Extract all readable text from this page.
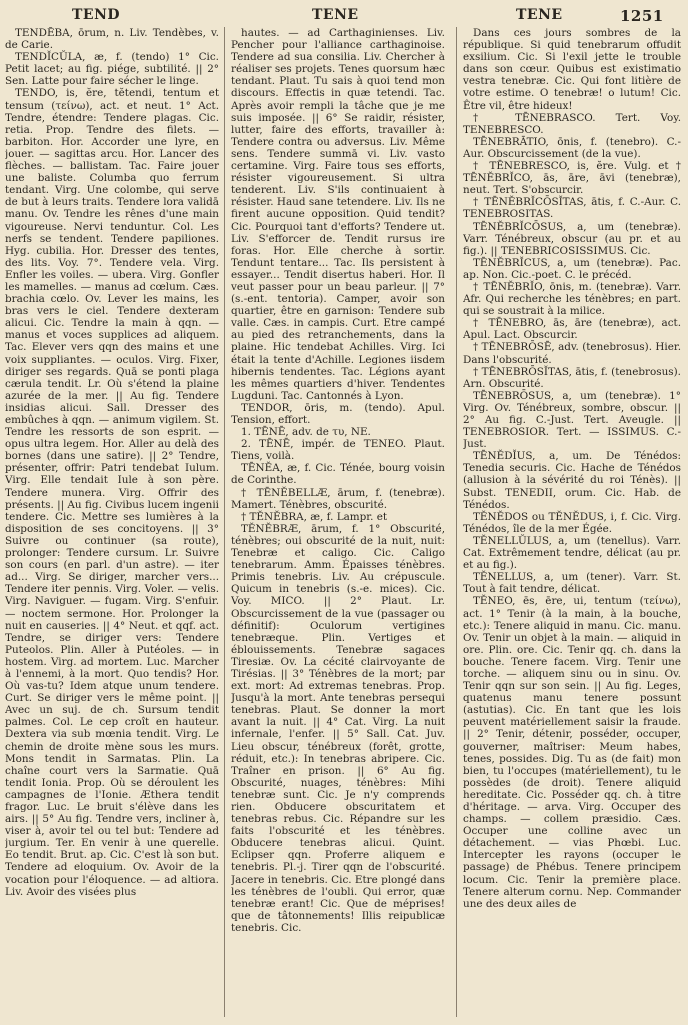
TEND	TENE	TENE	1251

TENDĒBA, ōrum, n. Liv. Tendèbes, v. de Carie.

TENDĬCŬLA, æ, f. (tendo) 1° Cic. Petit lacet; au fig. piége, subtilité. || 2° Sen. Latte pour faire sécher le linge.

TENDO, is, ĕre, tĕtendi, tentum et tensum (τείνω), act. et neut. 1° Act. Tendre, étendre: Tendere plagas. Cic. retia. Prop. Tendre des filets. — barbiton. Hor. Accorder une lyre, en jouer. — sagittas arcu. Hor. Lancer des flèches. — ballistam. Tac. Faire jouer une baliste. Columba quo ferrum tendant. Virg. Une colombe, qui serve de but à leurs traits. Tendere lora validā manu. Ov. Tendre les rênes d'une main vigoureuse. Nervi tenduntur. Col. Les nerfs se tendent. Tendere papiliones. Hyg. cubilia. Hor. Dresser des tentes, des lits. Voy. 7°. Tendere vela. Virg. Enfler les voiles. — ubera. Virg. Gonfler les mamelles. — manus ad cœlum. Cæs. brachia cœlo. Ov. Lever les mains, les bras vers le ciel. Tendere dexteram alicui. Cic. Tendre la main à qqn. — manus et voces supplices ad aliquem. Tac. Elever vers qqn des mains et une voix suppliantes. — oculos. Virg. Fixer, diriger ses regards. Quā se ponti plaga cærula tendit. Lr. Où s'étend la plaine azurée de la mer. || Au fig. Tendere insidias alicui. Sall. Dresser des embûches à qqn. — animum vigilem. St. Tendre les ressorts de son esprit. — opus ultra legem. Hor. Aller au delà des bornes (dans une satire). || 2° Tendre, présenter, offrir: Patri tendebat Iulum. Virg. Elle tendait Iule à son père. Tendere munera. Virg. Offrir des présents. || Au fig. Civibus lucem ingenii tendere. Cic. Mettre ses lumières à la disposition de ses concitoyens. || 3° Suivre ou continuer (sa route), prolonger: Tendere cursum. Lr. Suivre son cours (en parl. d'un astre). — iter ad... Virg. Se diriger, marcher vers... Tendere iter pennis. Virg. Voler. — velis. Virg. Naviguer. — fugam. Virg. S'enfuir. — noctem sermone. Hor. Prolonger la nuit en causeries. || 4° Neut. et qqf. act. Tendre, se diriger vers: Tendere Puteolos. Plin. Aller à Putéoles. — in hostem. Virg. ad mortem. Luc. Marcher à l'ennemi, à la mort. Quo tendis? Hor. Où vas-tu? Idem atque unum tendere. Curt. Se diriger vers le même point. || Avec un suj. de ch. Sursum tendit palmes. Col. Le cep croît en hauteur. Dextera via sub mœnia tendit. Virg. Le chemin de droite mène sous les murs. Mons tendit in Sarmatas. Plin. La chaîne court vers la Sarmatie. Quā tendit Ionia. Prop. Où se déroulent les campagnes de l'Ionie. Æthera tendit fragor. Luc. Le bruit s'élève dans les airs. || 5° Au fig. Tendre vers, incliner à, viser à, avoir tel ou tel but: Tendere ad jurgium. Ter. En venir à une querelle. Eo tendit. Brut. ap. Cic. C'est là son but. Tendere ad eloquium. Ov. Avoir de la vocation pour l'éloquence. — ad altiora. Liv. Avoir des visées plus

hautes. — ad Carthaginienses. Liv. Pencher pour l'alliance carthaginoise. Tendere ad sua consilia. Liv. Chercher à réaliser ses projets. Tenes quorsum hæc tendant. Plaut. Tu sais à quoi tend mon discours. Effectis in quæ tetendi. Tac. Après avoir rempli la tâche que je me suis imposée. || 6° Se raidir, résister, lutter, faire des efforts, travailler à: Tendere contra ou adversus. Liv. Même sens. Tendere summā vi. Liv. vasto certamine. Virg. Faire tous ses efforts, résister vigoureusement. Si ultra tenderent. Liv. S'ils continuaient à résister. Haud sane tetendere. Liv. Ils ne firent aucune opposition. Quid tendit? Cic. Pourquoi tant d'efforts? Tendere ut. Liv. S'efforcer de. Tendit rursus ire foras. Hor. Elle cherche à sortir. Tendunt tentare... Tac. Ils persistent à essayer... Tendit disertus haberi. Hor. Il veut passer pour un beau parleur. || 7° (s.-ent. tentoria). Camper, avoir son quartier, être en garnison: Tendere sub valle. Cæs. in campis. Curt. Etre campé au pied des retranchements, dans la plaine. Hic tendebat Achilles. Virg. Ici était la tente d'Achille. Legiones iisdem hibernis tendentes. Tac. Légions ayant les mêmes quartiers d'hiver. Tendentes Lugduni. Tac. Cantonnés à Lyon.

TENDOR, ōris, m. (tendo). Apul. Tension, effort.

1. TĒNĒ, adv. de τυ, NE.

2. TĒNĒ, impér. de TENEO. Plaut. Tiens, voilà.

TĒNĔA, æ, f. Cic. Ténée, bourg voisin de Corinthe.

† TĒNĔBELLÆ, ārum, f. (tenebræ). Mamert. Ténèbres, obscurité.

† TĔNĔBRA, æ, f. Lampr. et

TĔNĔBRÆ, ārum, f. 1° Obscurité, ténèbres; oui obscurité de la nuit, nuit: Tenebræ et caligo. Cic. Caligo tenebrarum. Amm. Épaisses ténèbres. Primis tenebris. Liv. Au crépuscule. Quicum in tenebris (s.-e. mices). Cic. Voy. MICO. || 2° Plaut. Lr. Obscurcissement de la vue (passager ou définitif): Oculorum vertigines tenebræque. Plin. Vertiges et éblouissements. Tenebræ sagaces Tiresiæ. Ov. La cécité clairvoyante de Tirésias. || 3° Ténèbres de la mort; par ext. mort: Ad extremas tenebras. Prop. Jusqu'à la mort. Ante tenebras persequi tenebras. Plaut. Se donner la mort avant la nuit. || 4° Cat. Virg. La nuit infernale, l'enfer. || 5° Sall. Cat. Juv. Lieu obscur, ténébreux (forêt, grotte, réduit, etc.): In tenebras abripere. Cic. Traîner en prison. || 6° Au fig. Obscurité, nuages, ténèbres: Mihi tenebræ sunt. Cic. Je n'y comprends rien. Obducere obscuritatem et tenebras rebus. Cic. Répandre sur les faits l'obscurité et les ténèbres. Obducere tenebras alicui. Quint. Eclipser qqn. Proferre aliquem e tenebris. Pl.-j. Tirer qqn de l'obscurité. Jacere in tenebris. Cic. Etre plongé dans les ténèbres de l'oubli. Qui error, quæ tenebræ erant! Cic. Que de méprises! que de tâtonnements! Illis reipublicæ tenebris. Cic.

Dans ces jours sombres de la république. Si quid tenebrarum offudit exsilium. Cic. Si l'exil jette le trouble dans son cœur. Quibus est existimatio vestra tenebræ. Cic. Qui font litière de votre estime. O tenebræ! o lutum! Cic. Être vil, être hideux!

† TĒNEBRASCO. Tert. Voy. TENEBRESCO.

TĒNEBRĀTIO, ōnis, f. (tenebro). C.-Aur. Obscurcissement (de la vue).

† TĒNEBRESCO, is, ĕre. Vulg. et † TĒNĔBRĬCO, ās, āre, āvi (tenebræ), neut. Tert. S'obscurcir.

† TĒNĔBRĬCŌSĬTAS, ātis, f. C.-Aur. C. TENEBROSITAS.

TĒNĔBRĬCŌSUS, a, um (tenebræ). Varr. Ténébreux, obscur (au pr. et au fig.). || TENEBRICOSISSIMUS. Cic.

TĒNĔBRĬCUS, a, um (tenebræ). Pac. ap. Non. Cic.-poet. C. le précéd.

† TĒNĔBRĬO, ōnis, m. (tenebræ). Varr. Afr. Qui recherche les ténèbres; en part. qui se soustrait à la milice.

† TĒNEBRO, ās, āre (tenebræ), act. Apul. Lact. Obscurcir.

† TĒNEBRŌSĒ, adv. (tenebrosus). Hier. Dans l'obscurité.

† TĒNEBRŌSĬTAS, ātis, f. (tenebrosus). Arn. Obscurité.

TĒNEBRŌSUS, a, um (tenebræ). 1° Virg. Ov. Ténébreux, sombre, obscur. || 2° Au fig. C.-Just. Tert. Aveugle. || TENEBROSIOR. Tert. — ISSIMUS. C.-Just.

TĒNĔDĬUS, a, um. De Ténédos: Tenedia securis. Cic. Hache de Ténédos (allusion à la sévérité du roi Ténès). || Subst. TENEDII, orum. Cic. Hab. de Ténédos.

TĔNĔDOS ou TĔNĔDUS, i, f. Cic. Virg. Ténédos, île de la mer Égée.

TĔNELLŬLUS, a, um (tenellus). Varr. Cat. Extrêmement tendre, délicat (au pr. et au fig.).

TĔNELLUS, a, um (tener). Varr. St. Tout à fait tendre, délicat.

TĔNEO, ēs, ēre, ui, tentum (τείνω), act. 1° Tenir (à la main, à la bouche, etc.): Tenere aliquid in manu. Cic. manu. Ov. Tenir un objet à la main. — aliquid in ore. Plin. ore. Cic. Tenir qq. ch. dans la bouche. Tenere facem. Virg. Tenir une torche. — aliquem sinu ou in sinu. Ov. Tenir qqn sur son sein. || Au fig. Leges, quatenus manu tenere possunt (astutias). Cic. En tant que les lois peuvent matériellement saisir la fraude. || 2° Tenir, détenir, posséder, occuper, gouverner, maîtriser: Meum habes, tenes, possides. Dig. Tu as (de fait) mon bien, tu l'occupes (matériellement), tu le possèdes (de droit). Tenere aliquid hereditate. Cic. Posséder qq. ch. à titre d'héritage. — arva. Virg. Occuper des champs. — collem præsidio. Cæs. Occuper une colline avec un détachement. — vias Phœbi. Luc. Intercepter les rayons (occuper le passage) de Phébus. Tenere principem locum. Cic. Tenir la première place. Tenere alterum cornu. Nep. Commander une des deux ailes de
